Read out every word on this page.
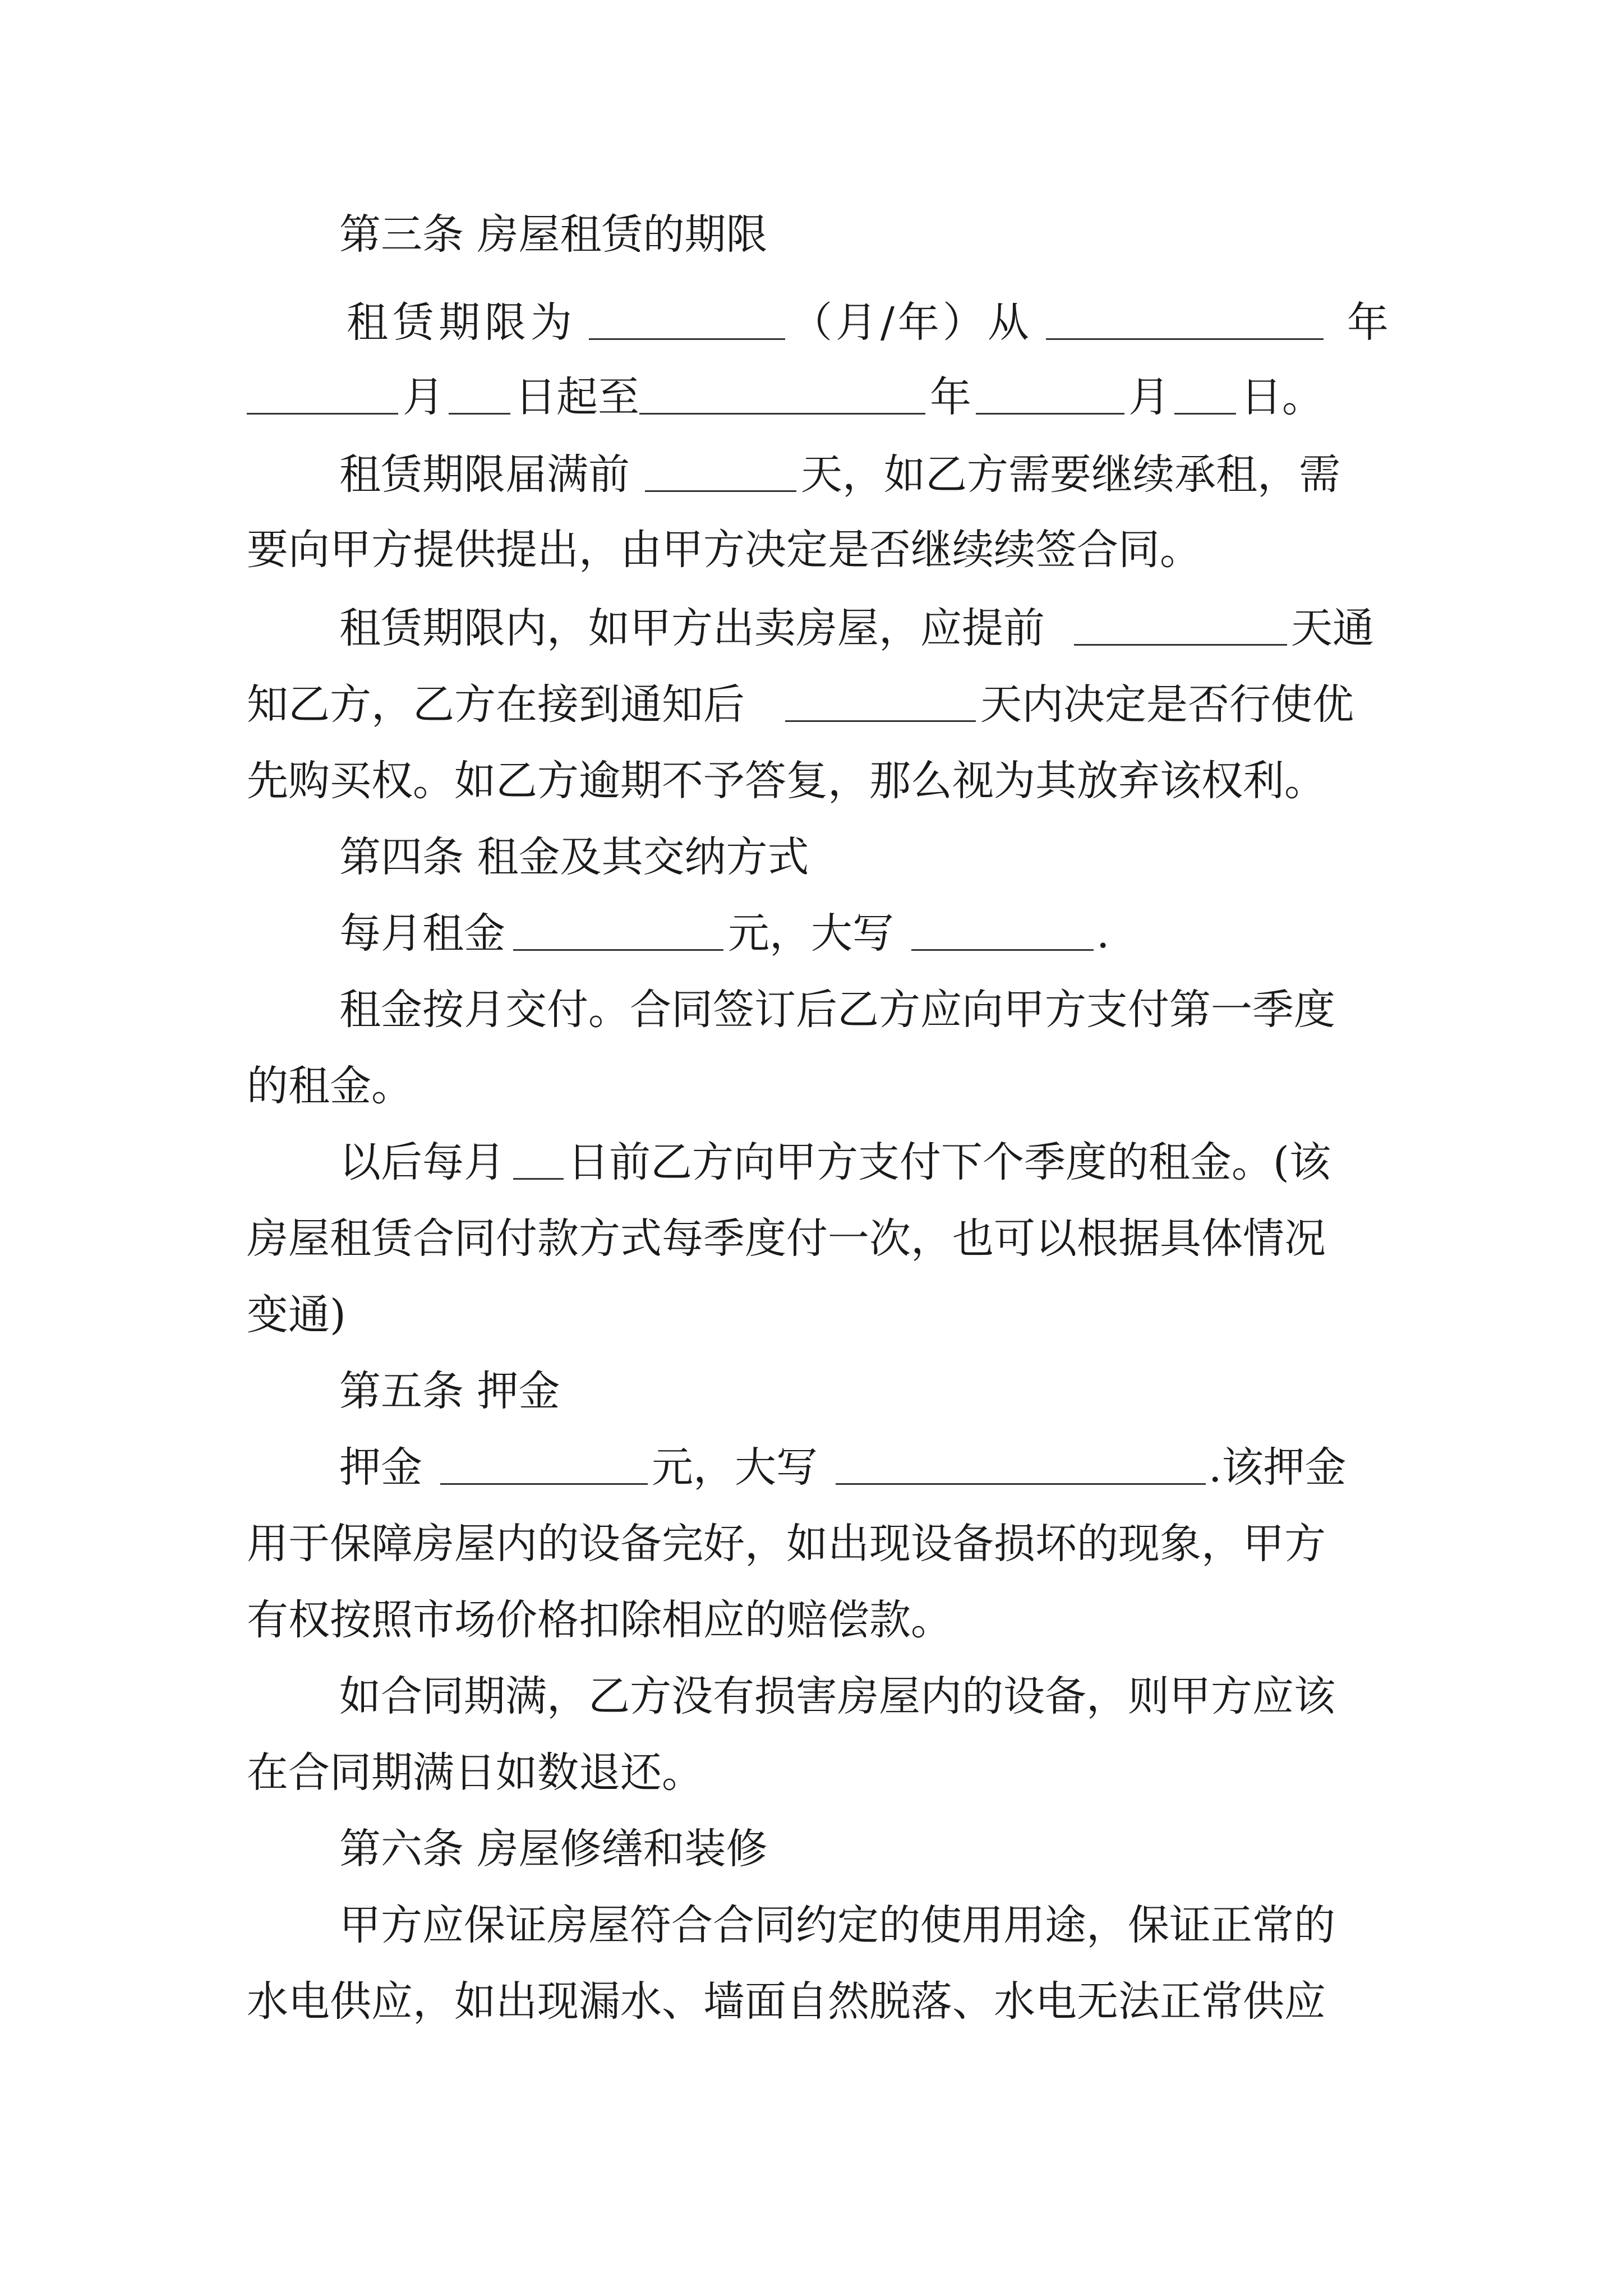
第三条 房屋租赁的期限
租赁期限为	（月/年）从	年
月 日起至	年	月 日。
租赁期限届满前	天，如乙方需要继续承租，需
要向甲方提供提出，由甲方决定是否继续续签合同。
租赁期限内，如甲方出卖房屋，应提前	天通
知乙方，乙方在接到通知后	天内决定是否行使优
先购买权。如乙方逾期不予答复，那么视为其放弃该权利。
第四条 租金及其交纳方式
每月租金	元，大写	.
租金按月交付。合同签订后乙方应向甲方支付第一季度
的租金。
以后每月 日前乙方向甲方支付下个季度的租金。(该
房屋租赁合同付款方式每季度付一次，也可以根据具体情况
变通)
第五条 押金
押金	元，大写	.该押金
用于保障房屋内的设备完好，如出现设备损坏的现象，甲方
有权按照市场价格扣除相应的赔偿款。
如合同期满，乙方没有损害房屋内的设备，则甲方应该
在合同期满日如数退还。
第六条 房屋修缮和装修
甲方应保证房屋符合合同约定的使用用途，保证正常的
水电供应，如出现漏水、墙面自然脱落、水电无法正常供应
